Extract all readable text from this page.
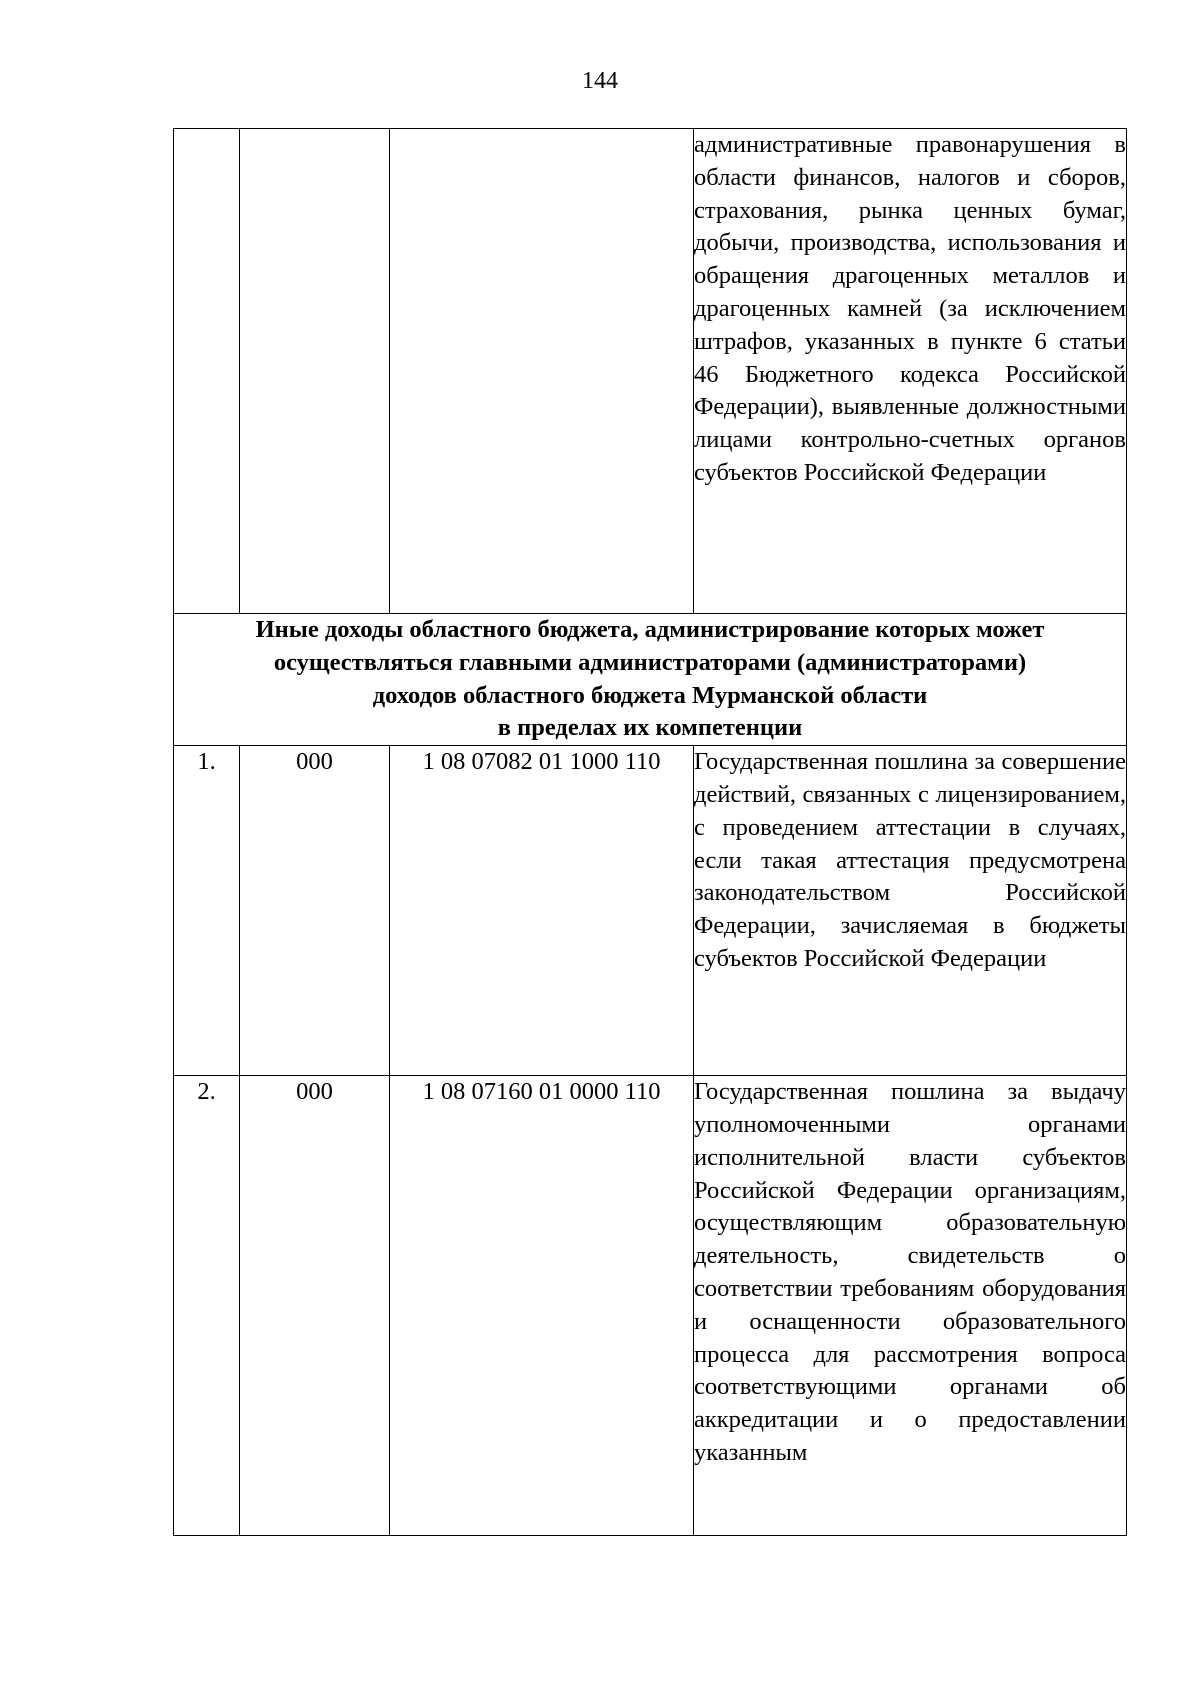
144

			административные правонарушения в области финансов, налогов и сборов, страхования, рынка ценных бумаг, добычи, производства, использования и обращения драгоценных металлов и драгоценных камней (за исключением штрафов, указанных в пункте 6 статьи 46 Бюджетного кодекса Российской Федерации), выявленные должностными лицами контрольно-счетных органов субъектов Российской Федерации

Иные доходы областного бюджета, администрирование которых может
осуществляться главными администраторами (администраторами)
доходов областного бюджета Мурманской области
в пределах их компетенции			

1.	000	1 08 07082 01 1000 110	Государственная пошлина за совершение действий, связанных с лицензированием, с проведением аттестации в случаях, если такая аттестация предусмотрена законодательством Российской Федерации, зачисляемая в бюджеты субъектов Российской Федерации

2.	000	1 08 07160 01 0000 110	Государственная пошлина за выдачу уполномоченными органами исполнительной власти субъектов Российской Федерации организациям, осуществляющим образовательную деятельность, свидетельств о соответствии требованиям оборудования и оснащенности образовательного процесса для рассмотрения вопроса соответствующими органами об аккредитации и о предоставлении указанным
